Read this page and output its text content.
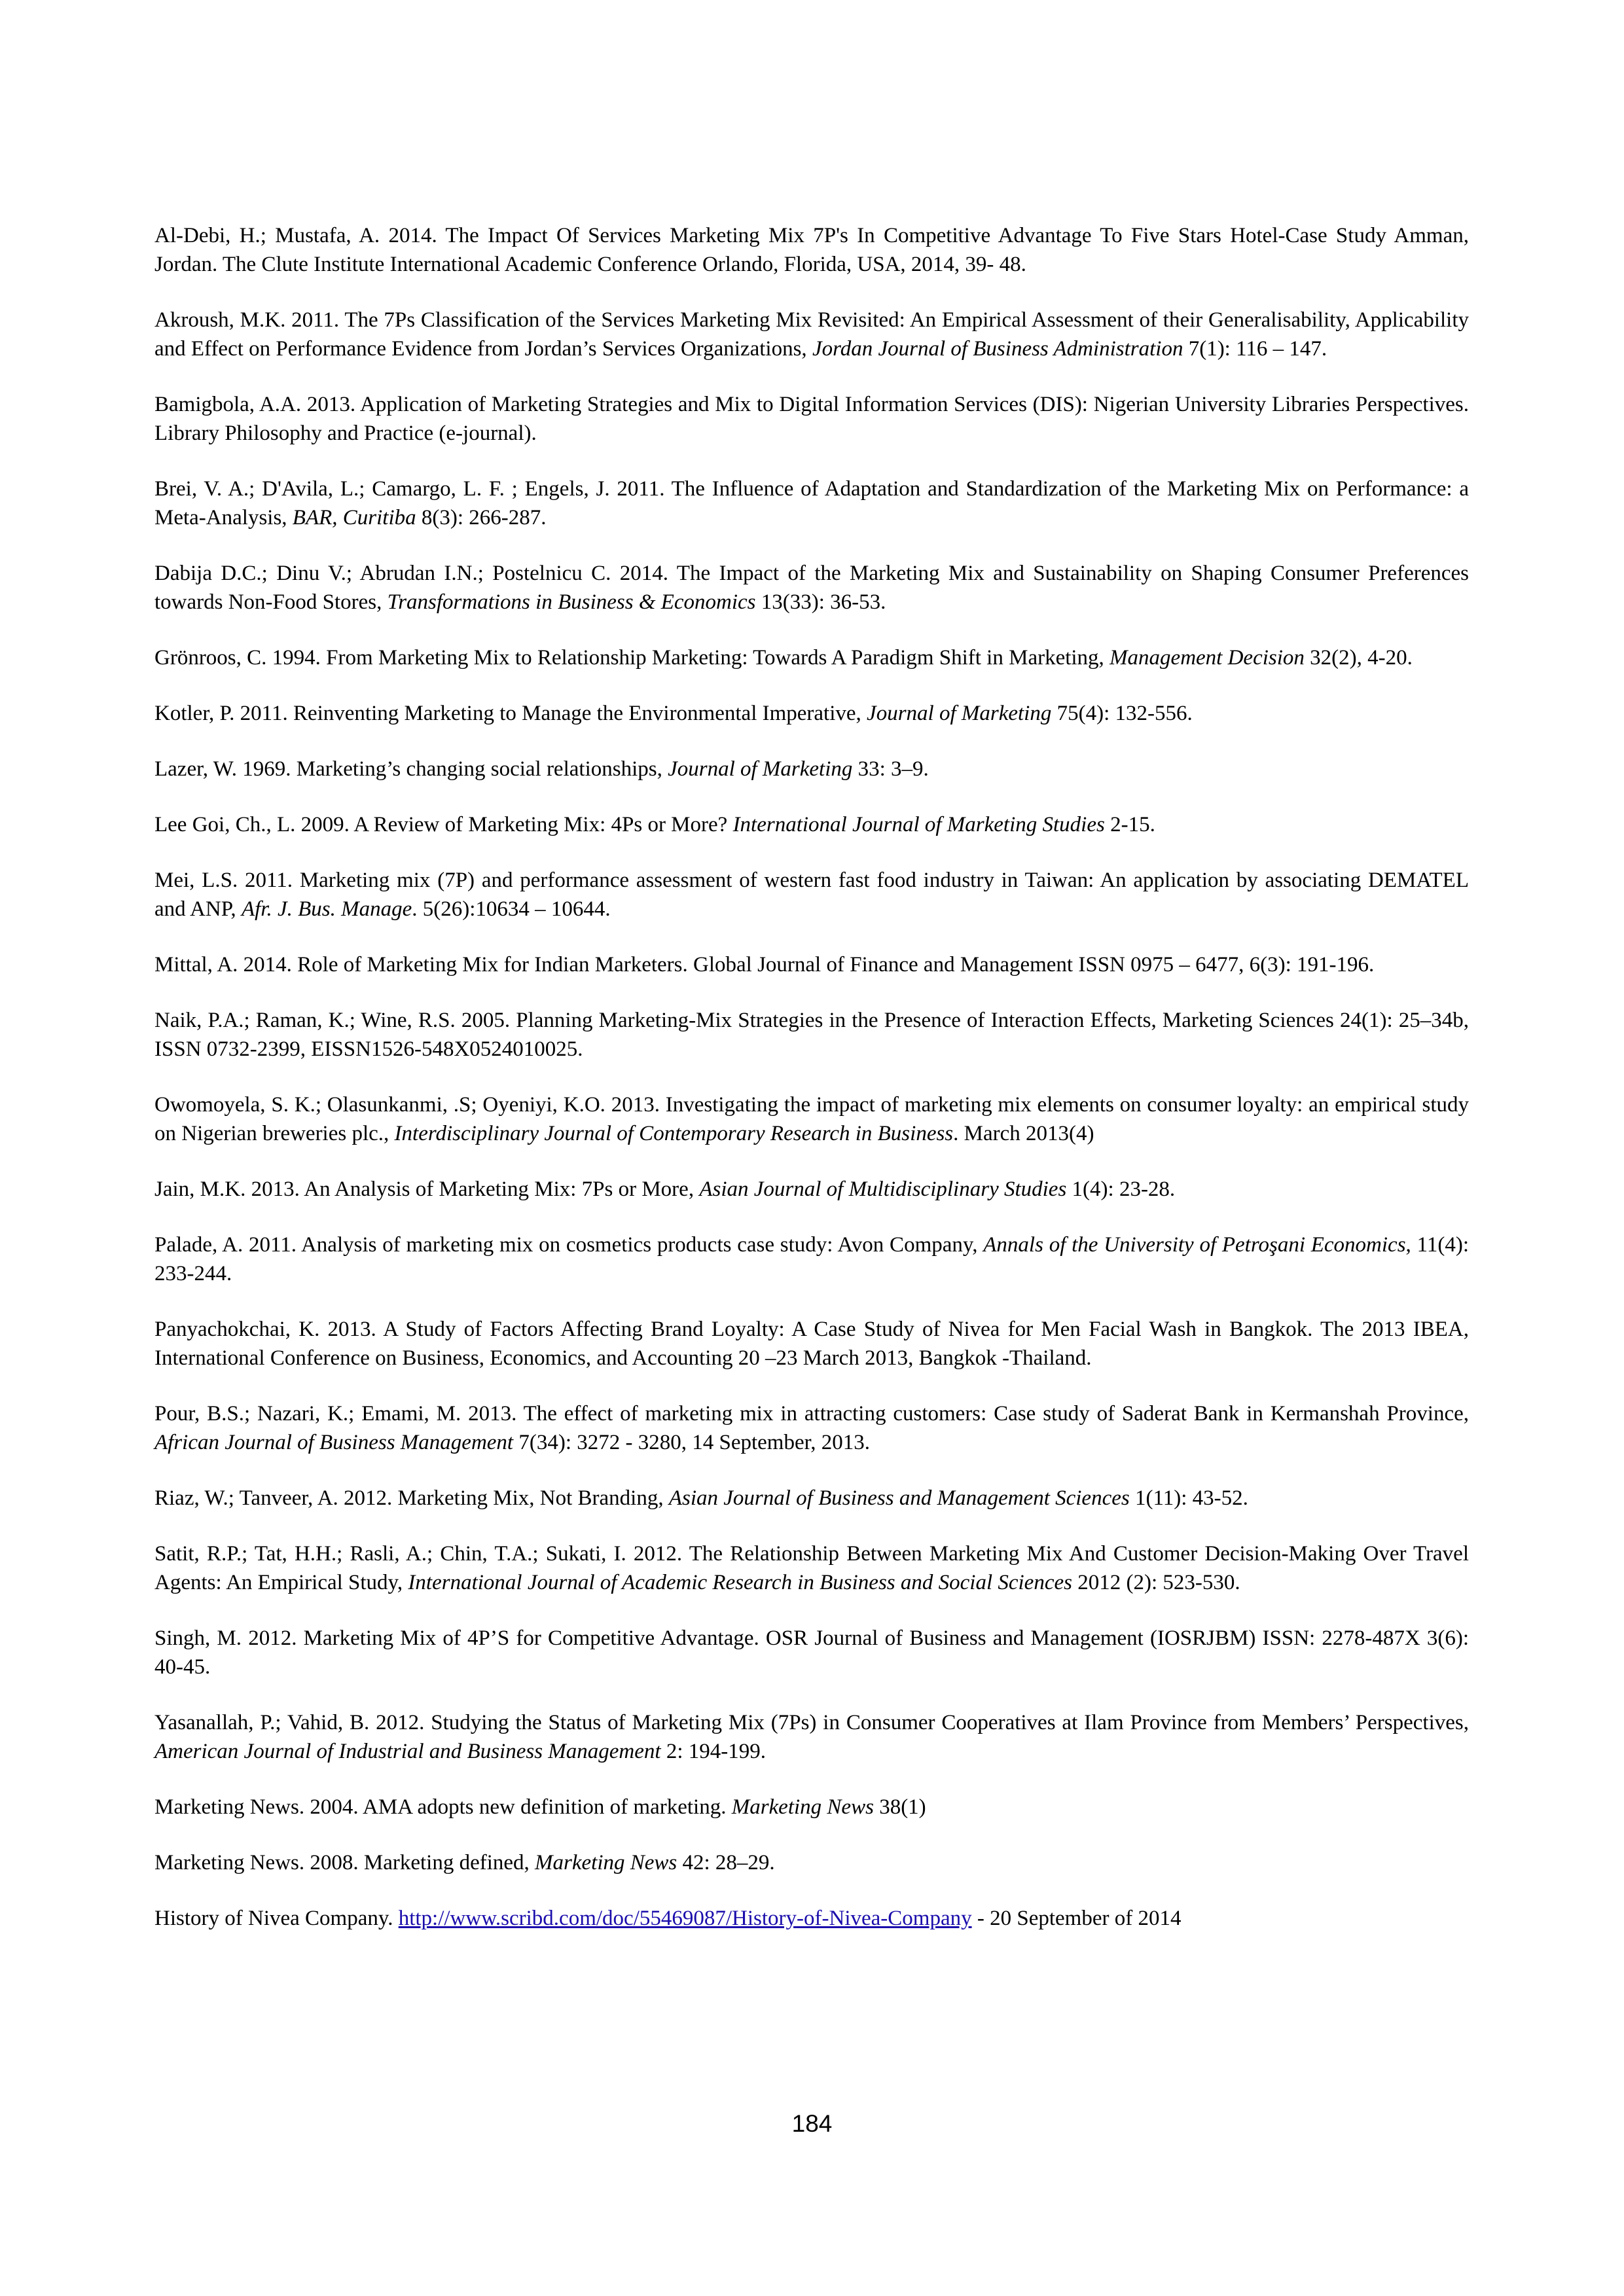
Al-Debi, H.; Mustafa, A. 2014. The Impact Of Services Marketing Mix 7P's In Competitive Advantage To Five Stars Hotel-Case Study Amman, Jordan. The Clute Institute International Academic Conference Orlando, Florida, USA, 2014, 39- 48.

Akroush, M.K. 2011. The 7Ps Classification of the Services Marketing Mix Revisited: An Empirical Assessment of their Generalisability, Applicability and Effect on Performance Evidence from Jordan’s Services Organizations, Jordan Journal of Business Administration 7(1): 116 – 147.

Bamigbola, A.A. 2013. Application of Marketing Strategies and Mix to Digital Information Services (DIS): Nigerian University Libraries Perspectives. Library Philosophy and Practice (e-journal).

Brei, V. A.; D'Avila, L.; Camargo, L. F. ; Engels, J. 2011. The Influence of Adaptation and Standardization of the Marketing Mix on Performance: a Meta-Analysis, BAR, Curitiba 8(3): 266-287.

Dabija D.C.; Dinu V.; Abrudan I.N.; Postelnicu C. 2014. The Impact of the Marketing Mix and Sustainability on Shaping Consumer Preferences towards Non-Food Stores, Transformations in Business & Economics 13(33): 36-53.

Grönroos, C. 1994. From Marketing Mix to Relationship Marketing: Towards A Paradigm Shift in Marketing, Management Decision 32(2), 4-20.

Kotler, P. 2011. Reinventing Marketing to Manage the Environmental Imperative, Journal of Marketing 75(4): 132-556.

Lazer, W. 1969. Marketing’s changing social relationships, Journal of Marketing 33: 3–9.

Lee Goi, Ch., L. 2009. A Review of Marketing Mix: 4Ps or More? International Journal of Marketing Studies 2-15.

Mei, L.S. 2011. Marketing mix (7P) and performance assessment of western fast food industry in Taiwan: An application by associating DEMATEL and ANP, Afr. J. Bus. Manage. 5(26):10634 – 10644.

Mittal, A. 2014. Role of Marketing Mix for Indian Marketers. Global Journal of Finance and Management ISSN 0975 – 6477, 6(3): 191-196.

Naik, P.A.; Raman, K.; Wine, R.S. 2005. Planning Marketing-Mix Strategies in the Presence of Interaction Effects, Marketing Sciences 24(1): 25–34b, ISSN 0732-2399, EISSN1526-548X0524010025.

Owomoyela, S. K.; Olasunkanmi, .S; Oyeniyi, K.O. 2013. Investigating the impact of marketing mix elements on consumer loyalty: an empirical study on Nigerian breweries plc., Interdisciplinary Journal of Contemporary Research in Business. March 2013(4)

Jain, M.K. 2013. An Analysis of Marketing Mix: 7Ps or More, Asian Journal of Multidisciplinary Studies 1(4): 23-28.

Palade, A. 2011. Analysis of marketing mix on cosmetics products case study: Avon Company, Annals of the University of Petroşani Economics, 11(4): 233-244.

Panyachokchai, K. 2013. A Study of Factors Affecting Brand Loyalty: A Case Study of Nivea for Men Facial Wash in Bangkok. The 2013 IBEA, International Conference on Business, Economics, and Accounting 20 –23 March 2013, Bangkok -Thailand.

Pour, B.S.; Nazari, K.; Emami, M. 2013. The effect of marketing mix in attracting customers: Case study of Saderat Bank in Kermanshah Province, African Journal of Business Management 7(34): 3272 - 3280, 14 September, 2013.

Riaz, W.; Tanveer, A. 2012. Marketing Mix, Not Branding, Asian Journal of Business and Management Sciences 1(11): 43-52.

Satit, R.P.; Tat, H.H.; Rasli, A.; Chin, T.A.; Sukati, I. 2012. The Relationship Between Marketing Mix And Customer Decision-Making Over Travel Agents: An Empirical Study, International Journal of Academic Research in Business and Social Sciences 2012 (2): 523-530.

Singh, M. 2012. Marketing Mix of 4P’S for Competitive Advantage. OSR Journal of Business and Management (IOSRJBM) ISSN: 2278-487X 3(6): 40-45.

Yasanallah, P.; Vahid, B. 2012. Studying the Status of Marketing Mix (7Ps) in Consumer Cooperatives at Ilam Province from Members’ Perspectives, American Journal of Industrial and Business Management 2: 194-199.

Marketing News. 2004. AMA adopts new definition of marketing. Marketing News 38(1)

Marketing News. 2008. Marketing defined, Marketing News 42: 28–29.

History of Nivea Company. http://www.scribd.com/doc/55469087/History-of-Nivea-Company - 20 September of 2014

184
